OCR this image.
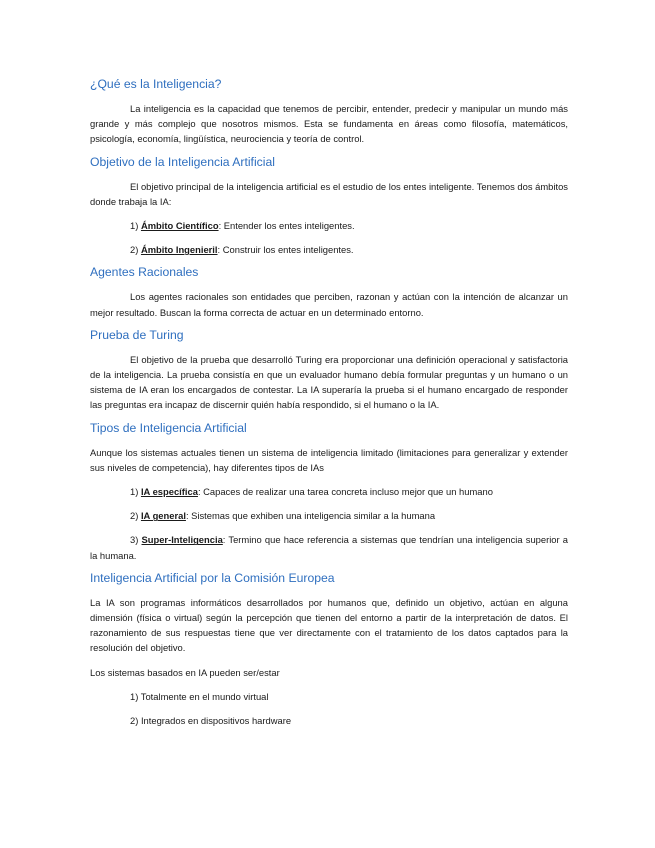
¿Qué es la Inteligencia?

La inteligencia es la capacidad que tenemos de percibir, entender, predecir y manipular un mundo más grande y más complejo que nosotros mismos. Esta se fundamenta en áreas como filosofía, matemáticos, psicología, economía, lingüística, neurociencia y teoría de control.

Objetivo de la Inteligencia Artificial

El objetivo principal de la inteligencia artificial es el estudio de los entes inteligente. Tenemos dos ámbitos donde trabaja la IA:

1) Ámbito Científico: Entender los entes inteligentes.

2) Ámbito Ingenieril: Construir los entes inteligentes.

Agentes Racionales

Los agentes racionales son entidades que perciben, razonan y actúan con la intención de alcanzar un mejor resultado. Buscan la forma correcta de actuar en un determinado entorno.

Prueba de Turing

El objetivo de la prueba que desarrolló Turing era proporcionar una definición operacional y satisfactoria de la inteligencia. La prueba consistía en que un evaluador humano debía formular preguntas y un humano o un sistema de IA eran los encargados de contestar. La IA superaría la prueba si el humano encargado de responder las preguntas era incapaz de discernir quién había respondido, si el humano o la IA.

Tipos de Inteligencia Artificial

Aunque los sistemas actuales tienen un sistema de inteligencia limitado (limitaciones para generalizar y extender sus niveles de competencia), hay diferentes tipos de IAs

1) IA específica: Capaces de realizar una tarea concreta incluso mejor que un humano

2) IA general: Sistemas que exhiben una inteligencia similar a la humana

3) Super-Inteligencia: Termino que hace referencia a sistemas que tendrían una inteligencia superior a la humana.

Inteligencia Artificial por la Comisión Europea

La IA son programas informáticos desarrollados por humanos que, definido un objetivo, actúan en alguna dimensión (física o virtual) según la percepción que tienen del entorno a partir de la interpretación de datos. El razonamiento de sus respuestas tiene que ver directamente con el tratamiento de los datos captados para la resolución del objetivo.

Los sistemas basados en IA pueden ser/estar

1) Totalmente en el mundo virtual

2) Integrados en dispositivos hardware
